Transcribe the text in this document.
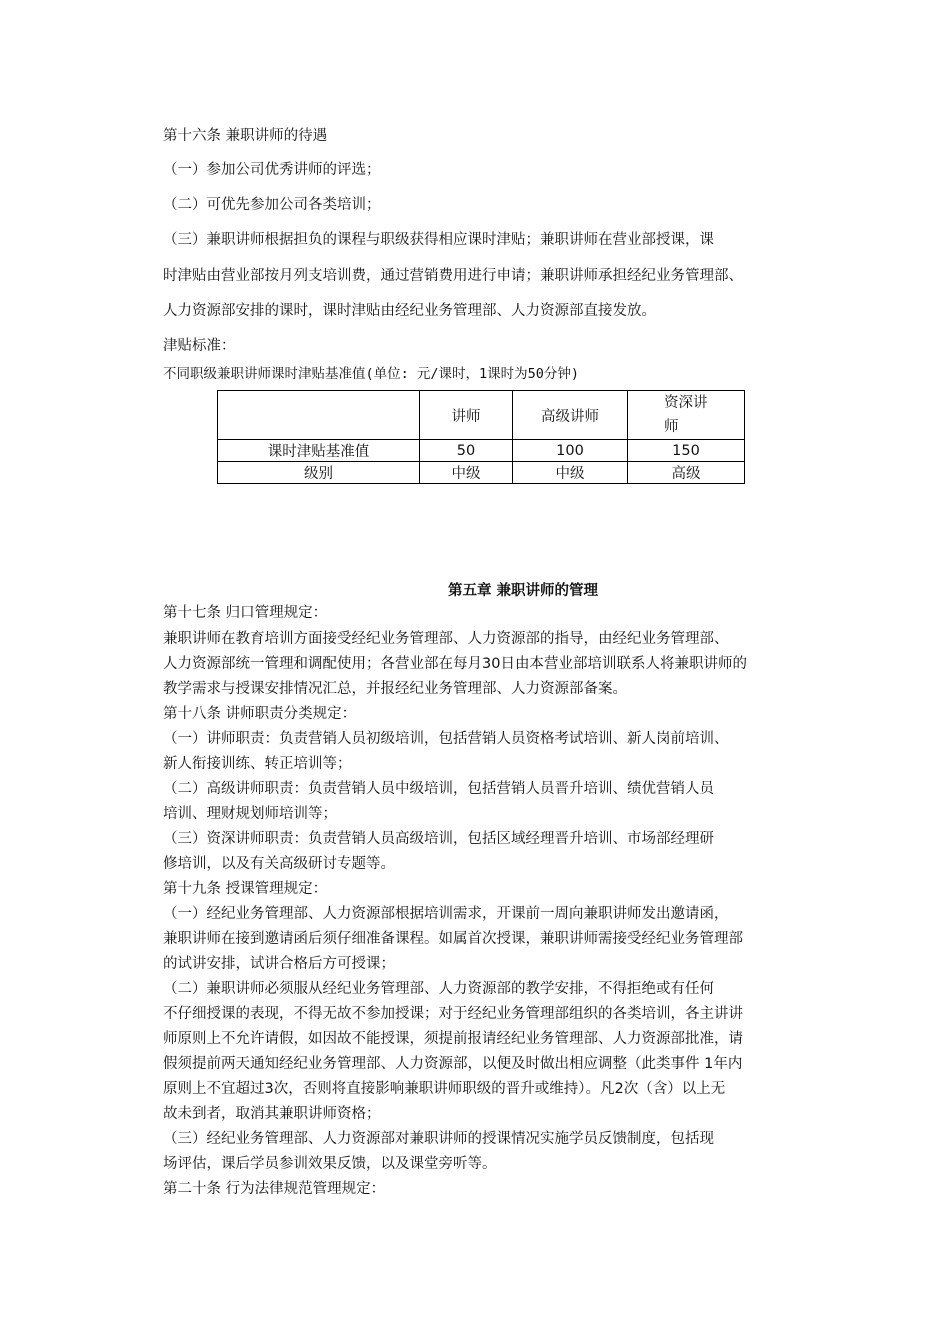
第十六条 兼职讲师的待遇

（一）参加公司优秀讲师的评选；

（二）可优先参加公司各类培训；

（三）兼职讲师根据担负的课程与职级获得相应课时津贴；兼职讲师在营业部授课，课

时津贴由营业部按月列支培训费，通过营销费用进行申请；兼职讲师承担经纪业务管理部、

人力资源部安排的课时，课时津贴由经纪业务管理部、人力资源部直接发放。

津贴标准：

不同职级兼职讲师课时津贴基准值(单位: 元/课时，1课时为50分钟)

	讲师	高级讲师	资深讲师

课时津贴基准值	50	100	150
级别	中级	中级	高级

第五章 兼职讲师的管理

第十七条 归口管理规定：

兼职讲师在教育培训方面接受经纪业务管理部、人力资源部的指导，由经纪业务管理部、

人力资源部统一管理和调配使用；各营业部在每月30日由本营业部培训联系人将兼职讲师的

教学需求与授课安排情况汇总，并报经纪业务管理部、人力资源部备案。

第十八条 讲师职责分类规定：

（一）讲师职责：负责营销人员初级培训，包括营销人员资格考试培训、新人岗前培训、

新人衔接训练、转正培训等；

（二）高级讲师职责：负责营销人员中级培训，包括营销人员晋升培训、绩优营销人员

培训、理财规划师培训等；

（三）资深讲师职责：负责营销人员高级培训，包括区域经理晋升培训、市场部经理研

修培训，以及有关高级研讨专题等。

第十九条 授课管理规定：

（一）经纪业务管理部、人力资源部根据培训需求，开课前一周向兼职讲师发出邀请函，

兼职讲师在接到邀请函后须仔细准备课程。如属首次授课，兼职讲师需接受经纪业务管理部

的试讲安排，试讲合格后方可授课；

（二）兼职讲师必须服从经纪业务管理部、人力资源部的教学安排，不得拒绝或有任何

不仔细授课的表现，不得无故不参加授课；对于经纪业务管理部组织的各类培训，各主讲讲

师原则上不允许请假，如因故不能授课，须提前报请经纪业务管理部、人力资源部批准，请

假须提前两天通知经纪业务管理部、人力资源部，以便及时做出相应调整（此类事件 1年内

原则上不宜超过3次，否则将直接影响兼职讲师职级的晋升或维持）。凡2次（含）以上无

故未到者，取消其兼职讲师资格；

（三）经纪业务管理部、人力资源部对兼职讲师的授课情况实施学员反馈制度，包括现

场评估，课后学员参训效果反馈，以及课堂旁听等。

第二十条 行为法律规范管理规定：
